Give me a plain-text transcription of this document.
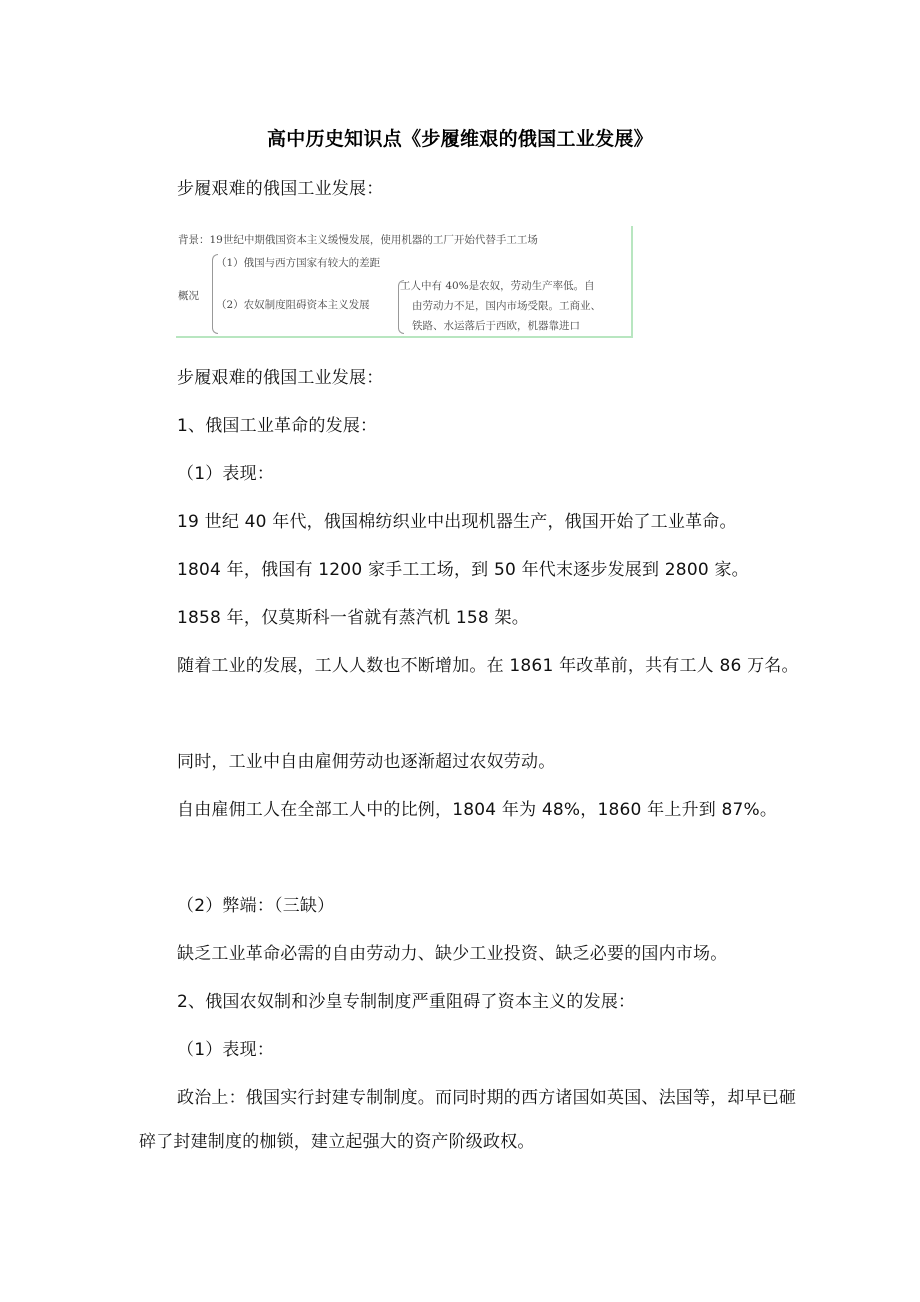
高中历史知识点《步履维艰的俄国工业发展》
步履艰难的俄国工业发展：
背景：19世纪中期俄国资本主义缓慢发展，使用机器的工厂开始代替手工工场
概况
（1）俄国与西方国家有较大的差距
（2）农奴制度阻碍资本主义发展
工人中有 40%是农奴，劳动生产率低。自
由劳动力不足，国内市场受限。工商业、
铁路、水运落后于西欧，机器靠进口
步履艰难的俄国工业发展：
1、俄国工业革命的发展：
（1）表现：
19 世纪 40 年代，俄国棉纺织业中出现机器生产，俄国开始了工业革命。
1804 年，俄国有 1200 家手工工场，到 50 年代末逐步发展到 2800 家。
1858 年，仅莫斯科一省就有蒸汽机 158 架。
随着工业的发展，工人人数也不断增加。在 1861 年改革前，共有工人 86 万名。
同时，工业中自由雇佣劳动也逐渐超过农奴劳动。
自由雇佣工人在全部工人中的比例，1804 年为 48%，1860 年上升到 87%。
（2）弊端：（三缺）
缺乏工业革命必需的自由劳动力、缺少工业投资、缺乏必要的国内市场。
2、俄国农奴制和沙皇专制制度严重阻碍了资本主义的发展：
（1）表现：
政治上：俄国实行封建专制制度。而同时期的西方诸国如英国、法国等，却早已砸碎了封建制度的枷锁，建立起强大的资产阶级政权。
